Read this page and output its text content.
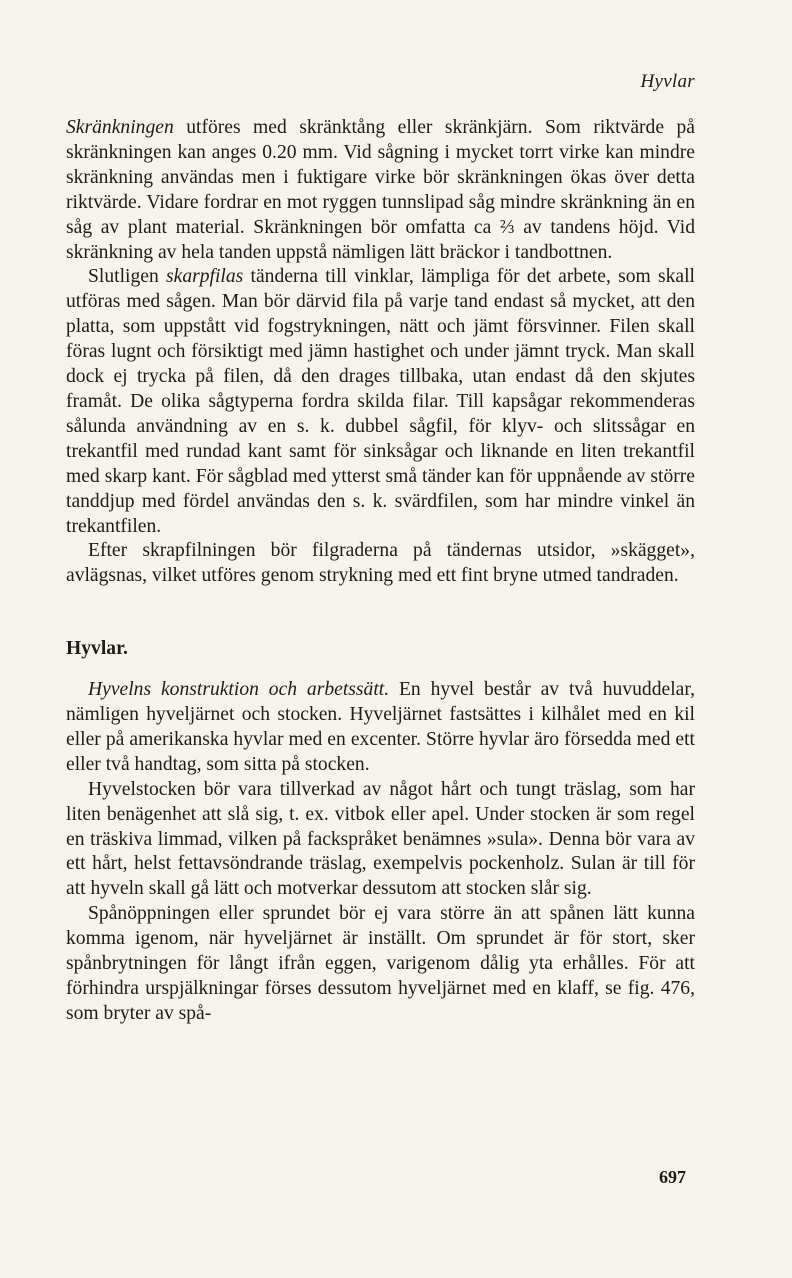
Hyvlar

Skränkningen utföres med skränktång eller skränkjärn. Som riktvärde på skränkningen kan anges 0.20 mm. Vid sågning i mycket torrt virke kan mindre skränkning användas men i fuktigare virke bör skränkningen ökas över detta riktvärde. Vidare fordrar en mot ryggen tunnslipad såg mindre skränkning än en såg av plant material. Skränkningen bör omfatta ca ⅔ av tandens höjd. Vid skränkning av hela tanden uppstå nämligen lätt bräckor i tandbottnen.

Slutligen skarpfilas tänderna till vinklar, lämpliga för det arbete, som skall utföras med sågen. Man bör därvid fila på varje tand endast så mycket, att den platta, som uppstått vid fogstrykningen, nätt och jämt försvinner. Filen skall föras lugnt och försiktigt med jämn hastighet och under jämnt tryck. Man skall dock ej trycka på filen, då den drages tillbaka, utan endast då den skjutes framåt. De olika sågtyperna fordra skilda filar. Till kapsågar rekommenderas sålunda användning av en s. k. dubbel sågfil, för klyv- och slitssågar en trekantfil med rundad kant samt för sinksågar och liknande en liten trekantfil med skarp kant. För sågblad med ytterst små tänder kan för uppnående av större tanddjup med fördel användas den s. k. svärdfilen, som har mindre vinkel än trekantfilen.

Efter skrapfilningen bör filgraderna på tändernas utsidor, »skägget», avlägsnas, vilket utföres genom strykning med ett fint bryne utmed tandraden.

Hyvlar.

Hyvelns konstruktion och arbetssätt. En hyvel består av två huvuddelar, nämligen hyveljärnet och stocken. Hyveljärnet fastsättes i kilhålet med en kil eller på amerikanska hyvlar med en excenter. Större hyvlar äro försedda med ett eller två handtag, som sitta på stocken.

Hyvelstocken bör vara tillverkad av något hårt och tungt träslag, som har liten benägenhet att slå sig, t. ex. vitbok eller apel. Under stocken är som regel en träskiva limmad, vilken på fackspråket benämnes »sula». Denna bör vara av ett hårt, helst fettavsöndrande träslag, exempelvis pockenholz. Sulan är till för att hyveln skall gå lätt och motverkar dessutom att stocken slår sig.

Spånöppningen eller sprundet bör ej vara större än att spånen lätt kunna komma igenom, när hyveljärnet är inställt. Om sprundet är för stort, sker spånbrytningen för långt ifrån eggen, varigenom dålig yta erhålles. För att förhindra urspjälkningar förses dessutom hyveljärnet med en klaff, se fig. 476, som bryter av spå-

697
